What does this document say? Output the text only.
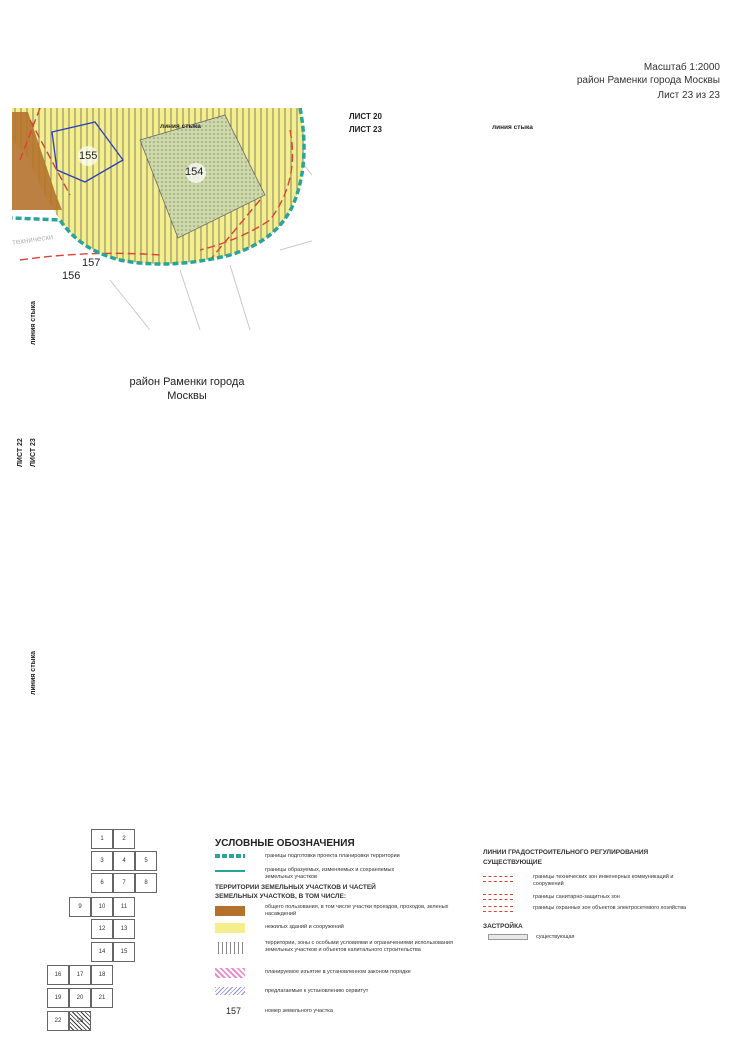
Масштаб 1:2000
район Раменки города Москвы
Лист 23 из 23
155
154
157
156
технически
линия стыка
ЛИСТ 20
ЛИСТ 23	линия стыка
линия стыка
ЛИСТ 22 ЛИСТ 23
линия стыка
район Раменки города Москвы
1	2
3	4	5
6	7	8
9	10	11
12	13
14	15
16	17	18
19	20	21
22	23
УСЛОВНЫЕ ОБОЗНАЧЕНИЯ
границы подготовки проекта планировки территории
границы образуемых, изменяемых и сохраняемых земельных участков
ТЕРРИТОРИИ ЗЕМЕЛЬНЫХ УЧАСТКОВ И ЧАСТЕЙ ЗЕМЕЛЬНЫХ УЧАСТКОВ, В ТОМ ЧИСЛЕ:
общего пользования, в том числе участки проездов, проходов, зеленых насаждений
нежилых зданий и сооружений
территории, зоны с особыми условиями и ограничениями использования земельных участков и объектов капитального строительства
планируемое изъятие в установленном законом порядке
предлагаемые к установлению сервитут
157	номер земельного участка
ЛИНИИ ГРАДОСТРОИТЕЛЬНОГО РЕГУЛИРОВАНИЯ
СУЩЕСТВУЮЩИЕ
границы технических зон инженерных коммуникаций и сооружений
границы санитарно-защитных зон
границы охранных зон объектов электросетевого хозяйства
ЗАСТРОЙКА
существующая
